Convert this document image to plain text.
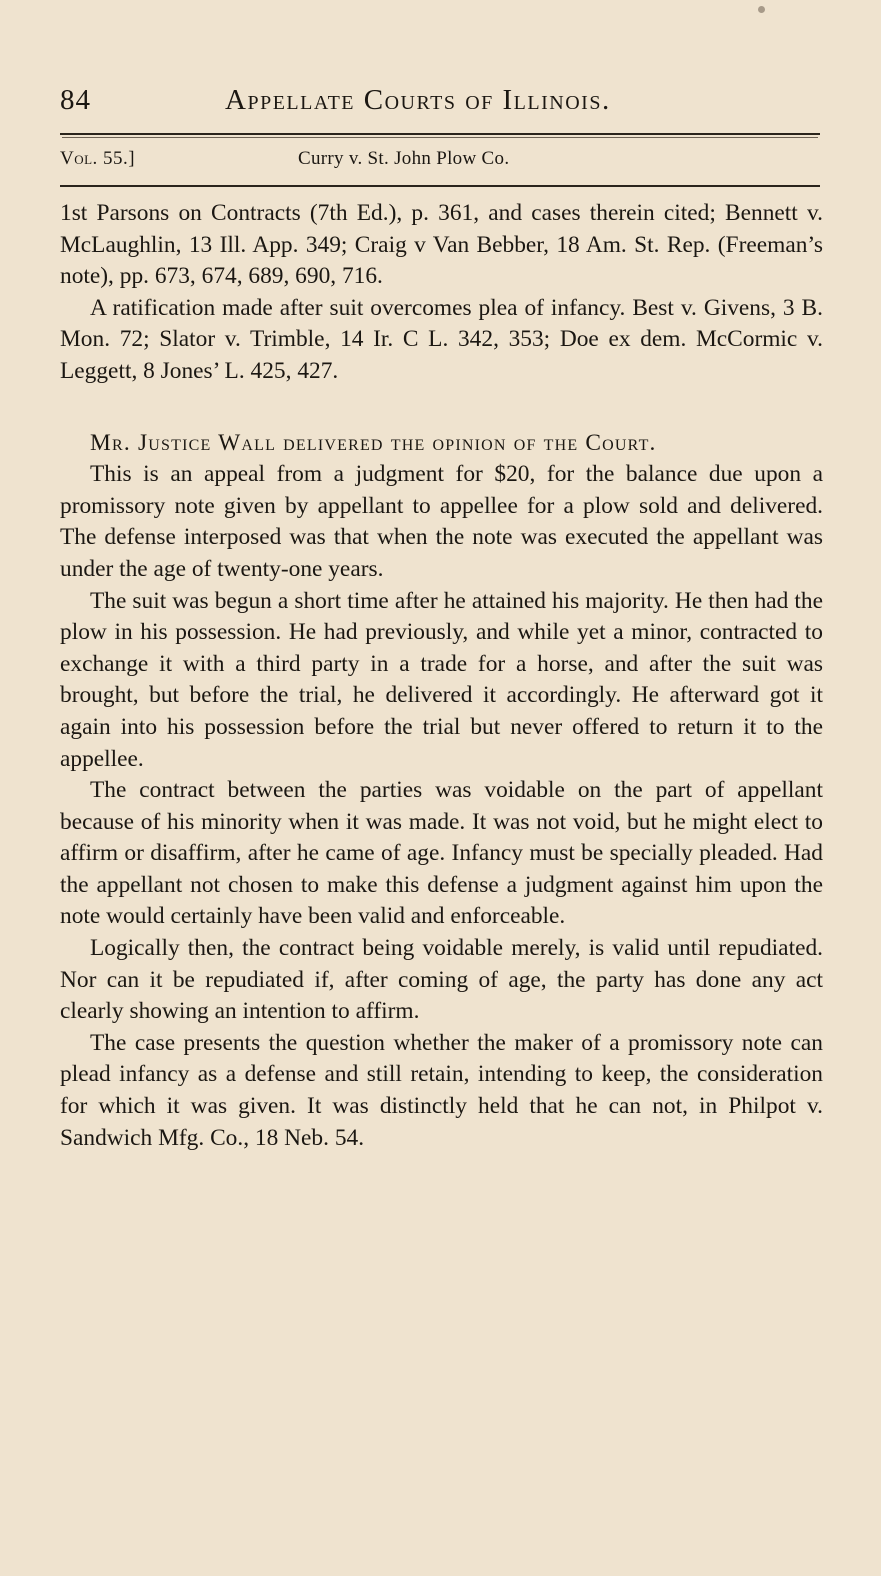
84	Appellate Courts of Illinois.
Vol. 55.]	Curry v. St. John Plow Co.

1st Parsons on Contracts (7th Ed.), p. 361, and cases therein cited; Bennett v. McLaughlin, 13 Ill. App. 349; Craig v Van Bebber, 18 Am. St. Rep. (Freeman’s note), pp. 673, 674, 689, 690, 716.

A ratification made after suit overcomes plea of infancy. Best v. Givens, 3 B. Mon. 72; Slator v. Trimble, 14 Ir. C L. 342, 353; Doe ex dem. McCormic v. Leggett, 8 Jones’ L. 425, 427.

Mr. Justice Wall delivered the opinion of the Court.

This is an appeal from a judgment for $20, for the balance due upon a promissory note given by appellant to appellee for a plow sold and delivered. The defense interposed was that when the note was executed the appellant was under the age of twenty-one years.

The suit was begun a short time after he attained his majority. He then had the plow in his possession. He had previously, and while yet a minor, contracted to exchange it with a third party in a trade for a horse, and after the suit was brought, but before the trial, he delivered it accordingly. He afterward got it again into his possession before the trial but never offered to return it to the appellee.

The contract between the parties was voidable on the part of appellant because of his minority when it was made. It was not void, but he might elect to affirm or disaffirm, after he came of age. Infancy must be specially pleaded. Had the appellant not chosen to make this defense a judgment against him upon the note would certainly have been valid and enforceable.

Logically then, the contract being voidable merely, is valid until repudiated. Nor can it be repudiated if, after coming of age, the party has done any act clearly showing an intention to affirm.

The case presents the question whether the maker of a promissory note can plead infancy as a defense and still retain, intending to keep, the consideration for which it was given. It was distinctly held that he can not, in Philpot v. Sandwich Mfg. Co., 18 Neb. 54.
